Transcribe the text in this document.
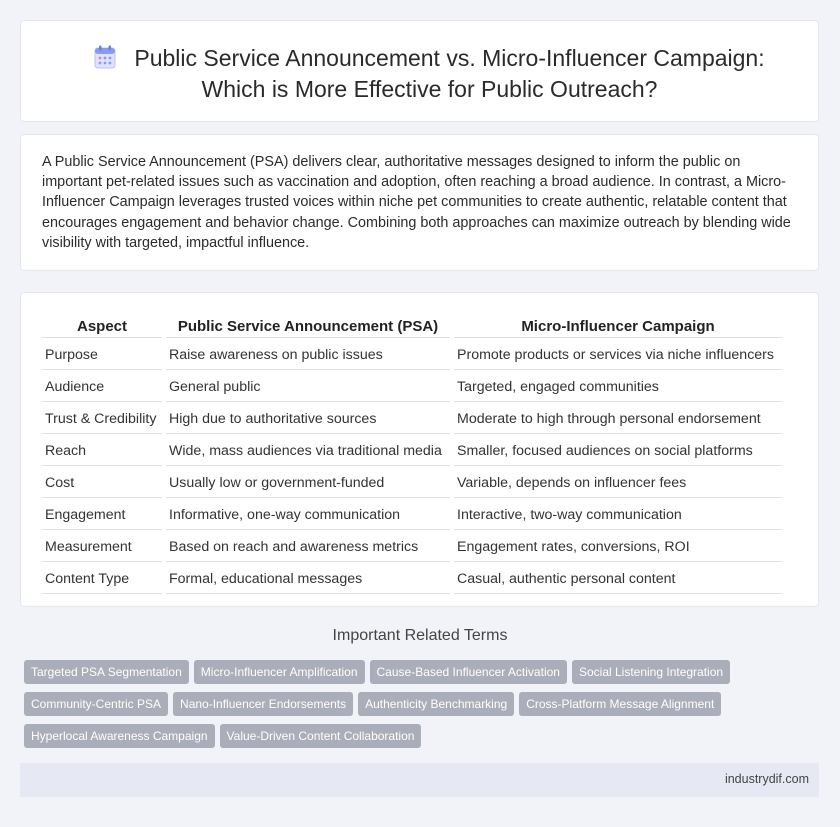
Public Service Announcement vs. Micro-Influencer Campaign: Which is More Effective for Public Outreach?
A Public Service Announcement (PSA) delivers clear, authoritative messages designed to inform the public on important pet-related issues such as vaccination and adoption, often reaching a broad audience. In contrast, a Micro-Influencer Campaign leverages trusted voices within niche pet communities to create authentic, relatable content that encourages engagement and behavior change. Combining both approaches can maximize outreach by blending wide visibility with targeted, impactful influence.
Aspect	Public Service Announcement (PSA)	Micro-Influencer Campaign
Purpose	Raise awareness on public issues	Promote products or services via niche influencers
Audience	General public	Targeted, engaged communities
Trust & Credibility	High due to authoritative sources	Moderate to high through personal endorsement
Reach	Wide, mass audiences via traditional media	Smaller, focused audiences on social platforms
Cost	Usually low or government-funded	Variable, depends on influencer fees
Engagement	Informative, one-way communication	Interactive, two-way communication
Measurement	Based on reach and awareness metrics	Engagement rates, conversions, ROI
Content Type	Formal, educational messages	Casual, authentic personal content
Important Related Terms
Targeted PSA Segmentation Micro-Influencer Amplification Cause-Based Influencer Activation Social Listening Integration
Community-Centric PSA Nano-Influencer Endorsements Authenticity Benchmarking Cross-Platform Message Alignment
Hyperlocal Awareness Campaign Value-Driven Content Collaboration
industrydif.com
